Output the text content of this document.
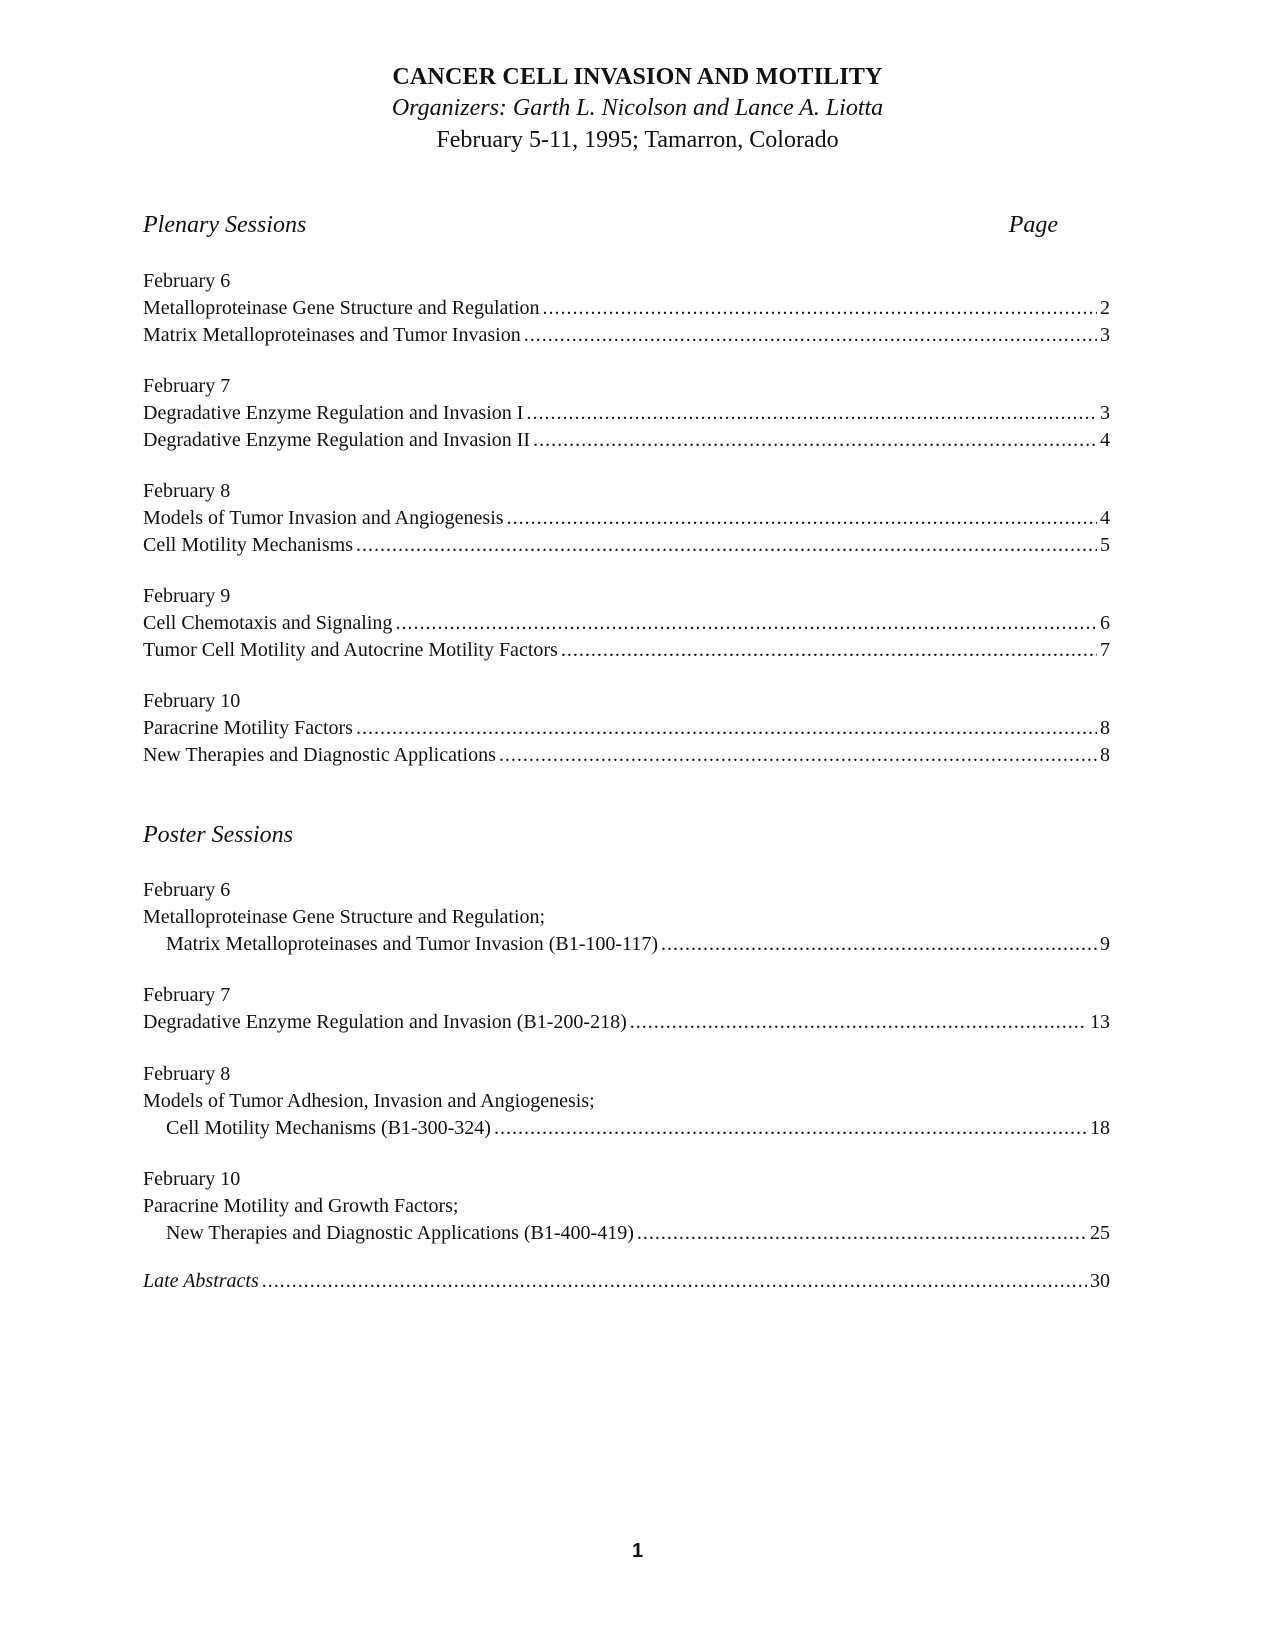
CANCER CELL INVASION AND MOTILITY
Organizers: Garth L. Nicolson and Lance A. Liotta
February 5-11, 1995; Tamarron, Colorado
Plenary Sessions	Page
February 6
Metalloproteinase Gene Structure and Regulation .....	2
Matrix Metalloproteinases and Tumor Invasion .....	3
February 7
Degradative Enzyme Regulation and Invasion I .....	3
Degradative Enzyme Regulation and Invasion II .....	4
February 8
Models of Tumor Invasion and Angiogenesis .....	4
Cell Motility Mechanisms .....	5
February 9
Cell Chemotaxis and Signaling .....	6
Tumor Cell Motility and Autocrine Motility Factors .....	7
February 10
Paracrine Motility Factors .....	8
New Therapies and Diagnostic Applications .....	8
Poster Sessions
February 6
Metalloproteinase Gene Structure and Regulation;
Matrix Metalloproteinases and Tumor Invasion (B1-100-117) .....	9
February 7
Degradative Enzyme Regulation and Invasion (B1-200-218) .....	13
February 8
Models of Tumor Adhesion, Invasion and Angiogenesis;
Cell Motility Mechanisms (B1-300-324) .....	18
February 10
Paracrine Motility and Growth Factors;
New Therapies and Diagnostic Applications (B1-400-419) .....	25
Late Abstracts .....	30
1
